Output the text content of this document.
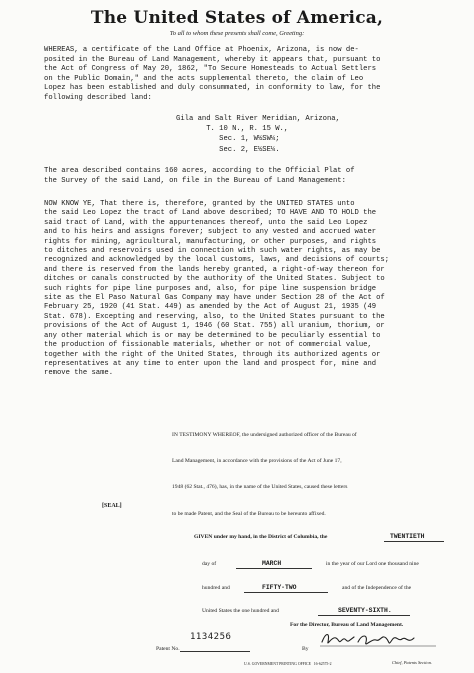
The United States of America,
To all to whom these presents shall come, Greeting:
WHEREAS, a certificate of the Land Office at Phoenix, Arizona, is now de-
posited in the Bureau of Land Management, whereby it appears that, pursuant to
the Act of Congress of May 20, 1862, "To Secure Homesteads to Actual Settlers
on the Public Domain," and the acts supplemental thereto, the claim of Leo
Lopez has been established and duly consummated, in conformity to law, for the
following described land:
Gila and Salt River Meridian, Arizona,
T. 10 N., R. 15 W.,
Sec. 1, W½SW¼;
Sec. 2, E½SE¼.
The area described contains 160 acres, according to the Official Plat of
the Survey of the said Land, on file in the Bureau of Land Management:
NOW KNOW YE, That there is, therefore, granted by the UNITED STATES unto
the said Leo Lopez the tract of Land above described; TO HAVE AND TO HOLD the
said tract of Land, with the appurtenances thereof, unto the said Leo Lopez
and to his heirs and assigns forever; subject to any vested and accrued water
rights for mining, agricultural, manufacturing, or other purposes, and rights
to ditches and reservoirs used in connection with such water rights, as may be
recognized and acknowledged by the local customs, laws, and decisions of courts;
and there is reserved from the lands hereby granted, a right-of-way thereon for
ditches or canals constructed by the authority of the United States. Subject to
such rights for pipe line purposes and, also, for pipe line suspension bridge
site as the El Paso Natural Gas Company may have under Section 28 of the Act of
February 25, 1920 (41 Stat. 449) as amended by the Act of August 21, 1935 (49
Stat. 678). Excepting and reserving, also, to the United States pursuant to the
provisions of the Act of August 1, 1946 (60 Stat. 755) all uranium, thorium, or
any other material which is or may be determined to be peculiarly essential to
the production of fissionable materials, whether or not of commercial value,
together with the right of the United States, through its authorized agents or
representatives at any time to enter upon the land and prospect for, mine and
remove the same.
IN TESTIMONY WHEREOF, the undersigned authorized officer of the Bureau of
Land Management, in accordance with the provisions of the Act of June 17,
1948 (62 Stat., 476), has, in the name of the United States, caused these letters
to be made Patent, and the Seal of the Bureau to be hereunto affixed.
[SEAL]
GIVEN under my hand, in the District of Columbia, the	TWENTIETH
day of	MARCH	in the year of our Lord one thousand nine
hundred and	FIFTY-TWO	and of the Independence of the
United States the one hundred and	SEVENTY-SIXTH.
For the Director, Bureau of Land Management.
Patent No.
1134256
By
Chief, Patents Section.
U.S. GOVERNMENT PRINTING OFFICE   16-62575-2
